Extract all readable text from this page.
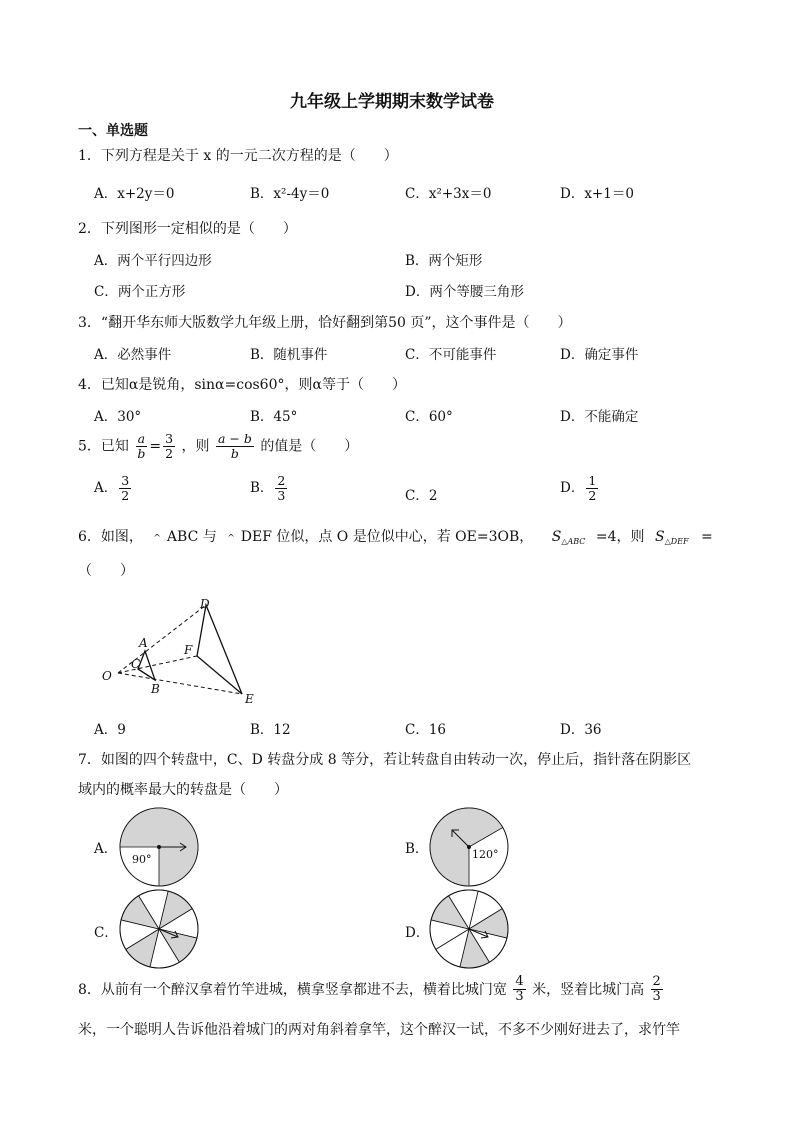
九年级上学期期末数学试卷
一、单选题
1．下列方程是关于 x 的一元二次方程的是（　　）
A．x+2y＝0	B．x²-4y＝0	C．x²+3x＝0	D．x+1＝0
2．下列图形一定相似的是（　　）
A．两个平行四边形	B．两个矩形
C．两个正方形	D．两个等腰三角形
3．“翻开华东师大版数学九年级上册，恰好翻到第50 页”，这个事件是（　　）
A．必然事件	B．随机事件	C．不可能事件	D．确定事件
4．已知α是锐角，sinα=cos60°，则α等于（　　）
A．30°	B．45°	C．60°	D．不能确定
5．已知 $\frac{a}{b} = \frac{3}{2}$ ，则 $\frac{a - b}{b}$ 的值是（　　）
A． $\frac{3}{2}$	B． $\frac{2}{3}$	C．2
D． $\frac{1}{2}$
6．如图， ^ ABC 与 ^ DEF 位似，点 O 是位似中心，若 OE=3OB， $S_{\triangle ABC} =4$，则 $S_{\triangle DEF}$ =
（　　）
O
A
C
B
D
F
E
A．9	B．12	C．16	D．36
7．如图的四个转盘中，C、D 转盘分成 8 等分，若让转盘自由转动一次，停止后，指针落在阴影区
域内的概率最大的转盘是（　　）
A．	B．
C．	D．
90°	120°
8．从前有一个醉汉拿着竹竿进城，横拿竖拿都进不去，横着比城门宽 $\frac{4}{3}$ 米，竖着比城门高 $\frac{2}{3}$
米，一个聪明人告诉他沿着城门的两对角斜着拿竿，这个醉汉一试，不多不少刚好进去了，求竹竿
